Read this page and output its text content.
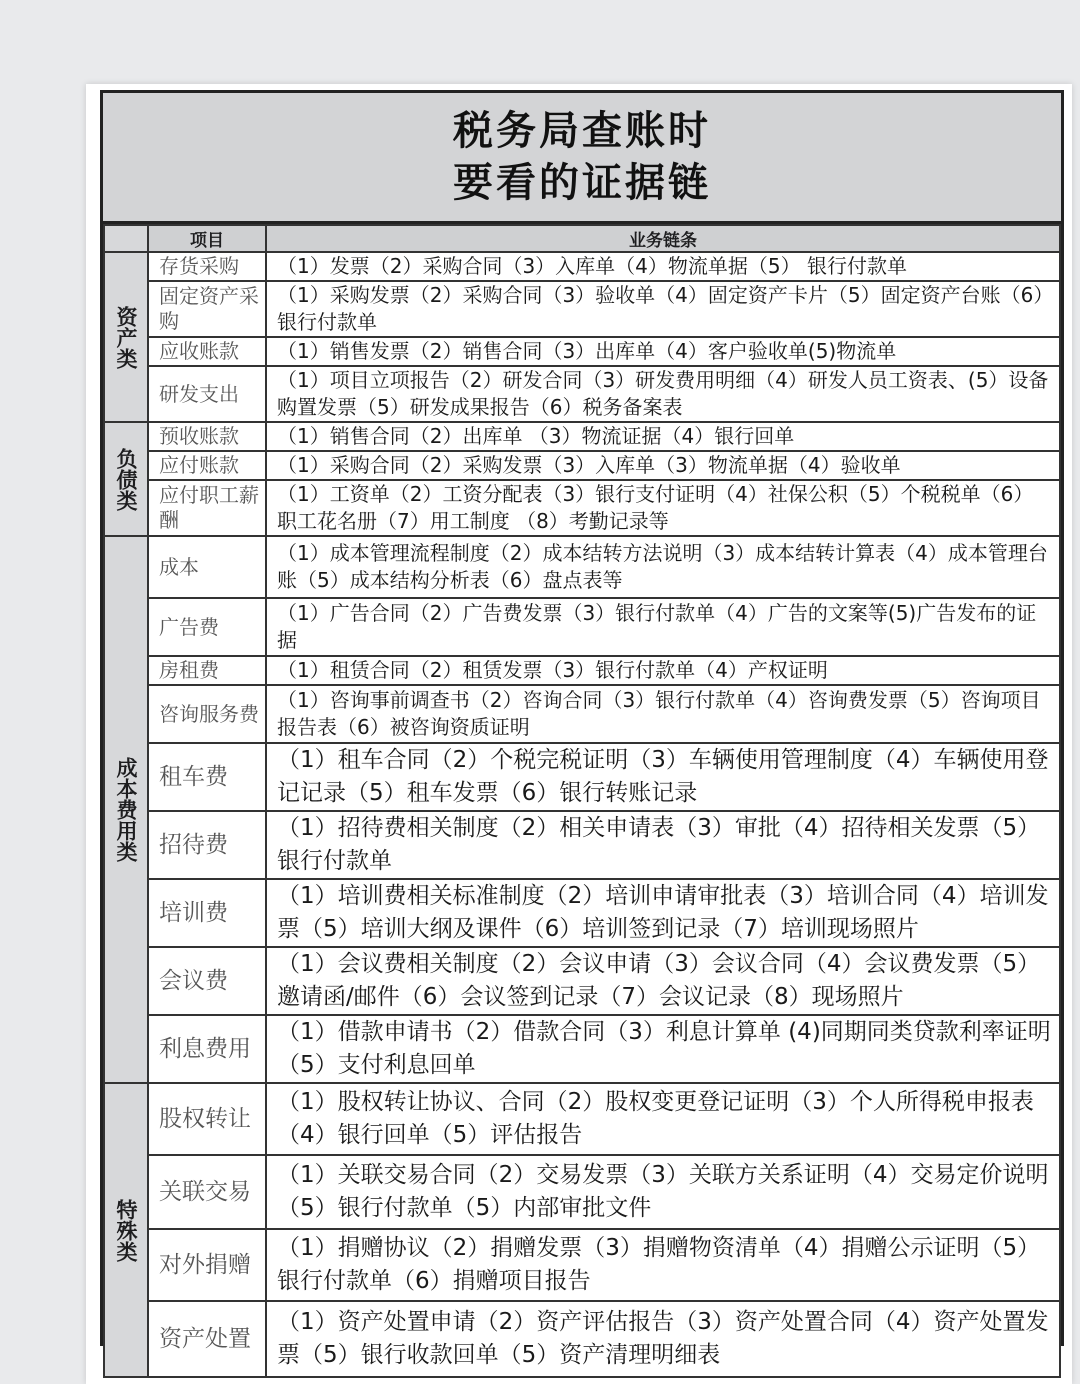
税务局查账时
要看的证据链
	项目	业务链条
资产类	存货采购	（1）发票（2）采购合同（3）入库单（4）物流单据（5） 银行付款单
	固定资产采购	（1）采购发票（2）采购合同（3）验收单（4）固定资产卡片（5）固定资产台账（6）银行付款单
	应收账款	（1）销售发票（2）销售合同（3）出库单（4）客户验收单(5)物流单
	研发支出	（1）项目立项报告（2）研发合同（3）研发费用明细（4）研发人员工资表、(5）设备购置发票（5）研发成果报告（6）税务备案表
负债类	预收账款	（1）销售合同（2）出库单 （3）物流证据（4）银行回单
	应付账款	（1）采购合同（2）采购发票（3）入库单（3）物流单据（4）验收单
	应付职工薪酬	（1）工资单（2）工资分配表（3）银行支付证明（4）社保公积（5）个税税单（6）职工花名册（7）用工制度 （8）考勤记录等
成本费用类	成本	（1）成本管理流程制度（2）成本结转方法说明（3）成本结转计算表（4）成本管理台账（5）成本结构分析表（6）盘点表等
	广告费	（1）广告合同（2）广告费发票（3）银行付款单（4）广告的文案等(5)广告发布的证据
	房租费	（1）租赁合同（2）租赁发票（3）银行付款单（4）产权证明
	咨询服务费	（1）咨询事前调查书（2）咨询合同（3）银行付款单（4）咨询费发票（5）咨询项目报告表（6）被咨询资质证明
	租车费	（1）租车合同（2）个税完税证明（3）车辆使用管理制度（4）车辆使用登记记录（5）租车发票（6）银行转账记录
	招待费	（1）招待费相关制度（2）相关申请表（3）审批（4）招待相关发票（5）银行付款单
	培训费	（1）培训费相关标准制度（2）培训申请审批表（3）培训合同（4）培训发票（5）培训大纲及课件（6）培训签到记录（7）培训现场照片
	会议费	（1）会议费相关制度（2）会议申请（3）会议合同（4）会议费发票（5）邀请函/邮件（6）会议签到记录（7）会议记录（8）现场照片
	利息费用	（1）借款申请书（2）借款合同（3）利息计算单 (4)同期同类贷款利率证明（5）支付利息回单
特殊类	股权转让	（1）股权转让协议、合同（2）股权变更登记证明（3）个人所得税申报表（4）银行回单（5）评估报告
	关联交易	（1）关联交易合同（2）交易发票（3）关联方关系证明（4）交易定价说明（5）银行付款单（5）内部审批文件
	对外捐赠	（1）捐赠协议（2）捐赠发票（3）捐赠物资清单（4）捐赠公示证明（5）银行付款单（6）捐赠项目报告
	资产处置	（1）资产处置申请（2）资产评估报告（3）资产处置合同（4）资产处置发票（5）银行收款回单（5）资产清理明细表
